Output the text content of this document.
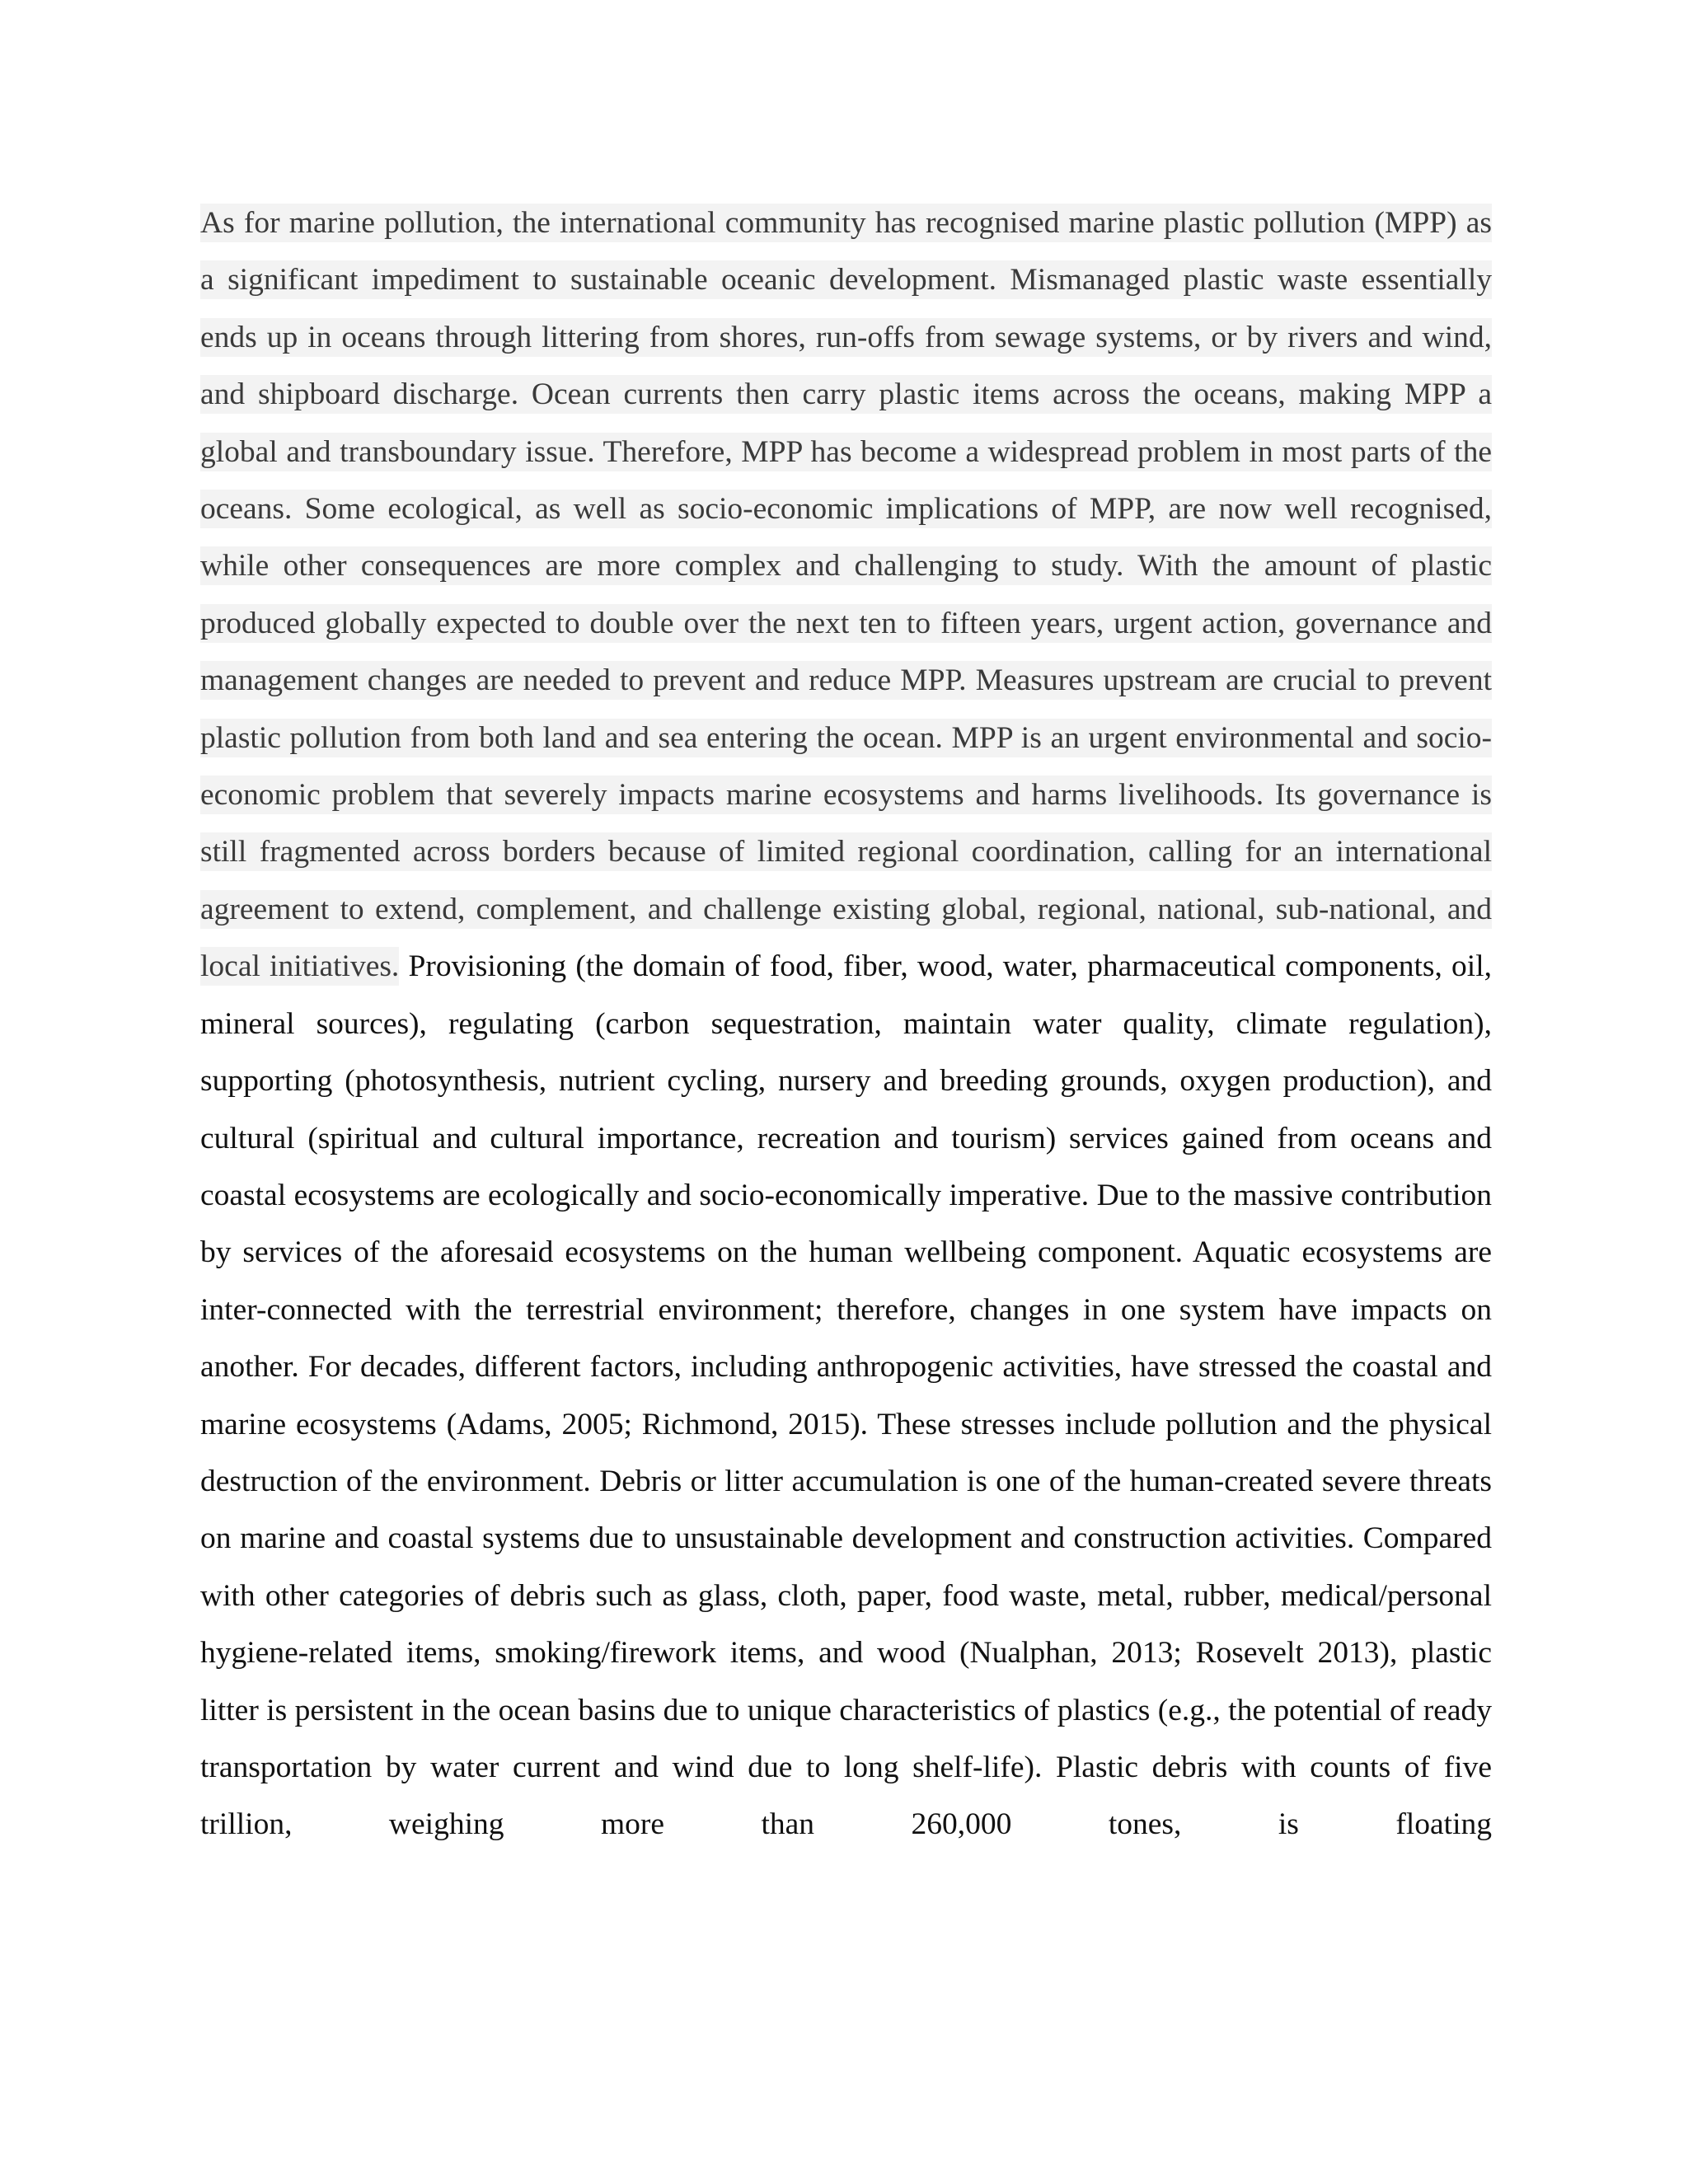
As for marine pollution, the international community has recognised marine plastic pollution (MPP) as a significant impediment to sustainable oceanic development. Mismanaged plastic waste essentially ends up in oceans through littering from shores, run-offs from sewage systems, or by rivers and wind, and shipboard discharge. Ocean currents then carry plastic items across the oceans, making MPP a global and transboundary issue. Therefore, MPP has become a widespread problem in most parts of the oceans. Some ecological, as well as socio-economic implications of MPP, are now well recognised, while other consequences are more complex and challenging to study. With the amount of plastic produced globally expected to double over the next ten to fifteen years, urgent action, governance and management changes are needed to prevent and reduce MPP. Measures upstream are crucial to prevent plastic pollution from both land and sea entering the ocean. MPP is an urgent environmental and socio-economic problem that severely impacts marine ecosystems and harms livelihoods. Its governance is still fragmented across borders because of limited regional coordination, calling for an international agreement to extend, complement, and challenge existing global, regional, national, sub-national, and local initiatives. Provisioning (the domain of food, fiber, wood, water, pharmaceutical components, oil, mineral sources), regulating (carbon sequestration, maintain water quality, climate regulation), supporting (photosynthesis, nutrient cycling, nursery and breeding grounds, oxygen production), and cultural (spiritual and cultural importance, recreation and tourism) services gained from oceans and coastal ecosystems are ecologically and socio-economically imperative. Due to the massive contribution by services of the aforesaid ecosystems on the human wellbeing component. Aquatic ecosystems are inter-connected with the terrestrial environment; therefore, changes in one system have impacts on another. For decades, different factors, including anthropogenic activities, have stressed the coastal and marine ecosystems (Adams, 2005; Richmond, 2015). These stresses include pollution and the physical destruction of the environment. Debris or litter accumulation is one of the human-created severe threats on marine and coastal systems due to unsustainable development and construction activities. Compared with other categories of debris such as glass, cloth, paper, food waste, metal, rubber, medical/personal hygiene-related items, smoking/firework items, and wood (Nualphan, 2013; Rosevelt 2013), plastic litter is persistent in the ocean basins due to unique characteristics of plastics (e.g., the potential of ready transportation by water current and wind due to long shelf-life). Plastic debris with counts of five trillion, weighing more than 260,000 tones, is floating
